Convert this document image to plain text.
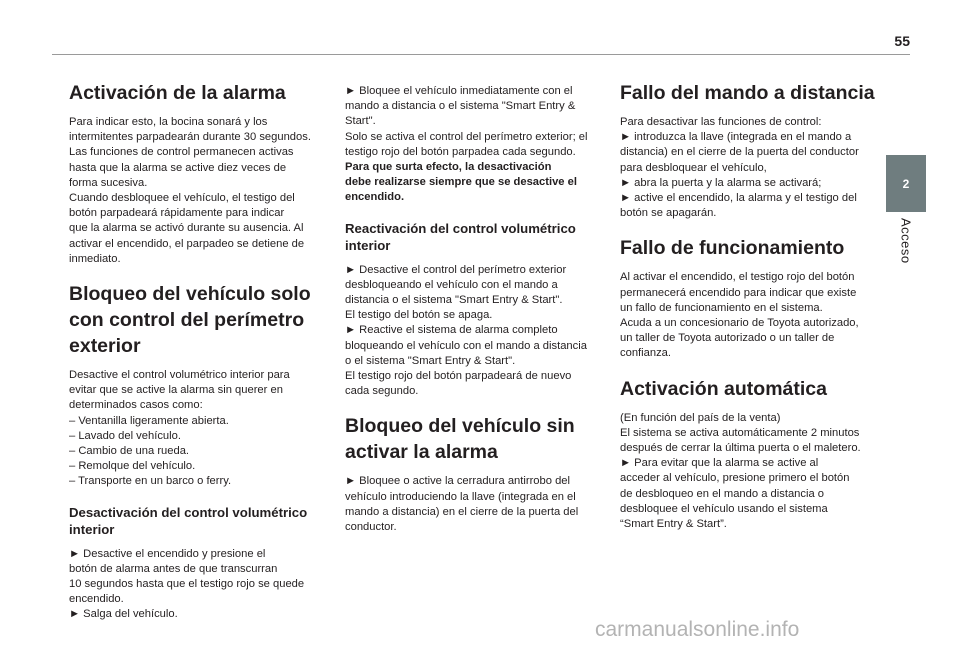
55
2
Acceso
Activación de la alarma

Para indicar esto, la bocina sonará y los
intermitentes parpadearán durante 30 segundos.
Las funciones de control permanecen activas
hasta que la alarma se active diez veces de
forma sucesiva.
Cuando desbloquee el vehículo, el testigo del
botón parpadeará rápidamente para indicar
que la alarma se activó durante su ausencia. Al
activar el encendido, el parpadeo se detiene de
inmediato.

Bloqueo del vehículo solo
con control del perímetro
exterior

Desactive el control volumétrico interior para
evitar que se active la alarma sin querer en
determinados casos como:
– Ventanilla ligeramente abierta.
– Lavado del vehículo.
– Cambio de una rueda.
– Remolque del vehículo.
– Transporte en un barco o ferry.

Desactivación del control volumétrico
interior

► Desactive el encendido y presione el
botón de alarma antes de que transcurran
10 segundos hasta que el testigo rojo se quede
encendido.
► Salga del vehículo.

► Bloquee el vehículo inmediatamente con el
mando a distancia o el sistema "Smart Entry &
Start".
Solo se activa el control del perímetro exterior; el
testigo rojo del botón parpadea cada segundo.
Para que surta efecto, la desactivación
debe realizarse siempre que se desactive el
encendido.

Reactivación del control volumétrico
interior

► Desactive el control del perímetro exterior
desbloqueando el vehículo con el mando a
distancia o el sistema "Smart Entry & Start".
El testigo del botón se apaga.
► Reactive el sistema de alarma completo
bloqueando el vehículo con el mando a distancia
o el sistema "Smart Entry & Start".
El testigo rojo del botón parpadeará de nuevo
cada segundo.

Bloqueo del vehículo sin
activar la alarma

► Bloquee o active la cerradura antirrobo del
vehículo introduciendo la llave (integrada en el
mando a distancia) en el cierre de la puerta del
conductor.

Fallo del mando a distancia

Para desactivar las funciones de control:
► introduzca la llave (integrada en el mando a
distancia) en el cierre de la puerta del conductor
para desbloquear el vehículo,
► abra la puerta y la alarma se activará;
► active el encendido, la alarma y el testigo del
botón se apagarán.

Fallo de funcionamiento

Al activar el encendido, el testigo rojo del botón
permanecerá encendido para indicar que existe
un fallo de funcionamiento en el sistema.
Acuda a un concesionario de Toyota autorizado,
un taller de Toyota autorizado o un taller de
confianza.

Activación automática

(En función del país de la venta)
El sistema se activa automáticamente 2 minutos
después de cerrar la última puerta o el maletero.
► Para evitar que la alarma se active al
acceder al vehículo, presione primero el botón
de desbloqueo en el mando a distancia o
desbloquee el vehículo usando el sistema
“Smart Entry & Start”.

carmanualsonline.info
